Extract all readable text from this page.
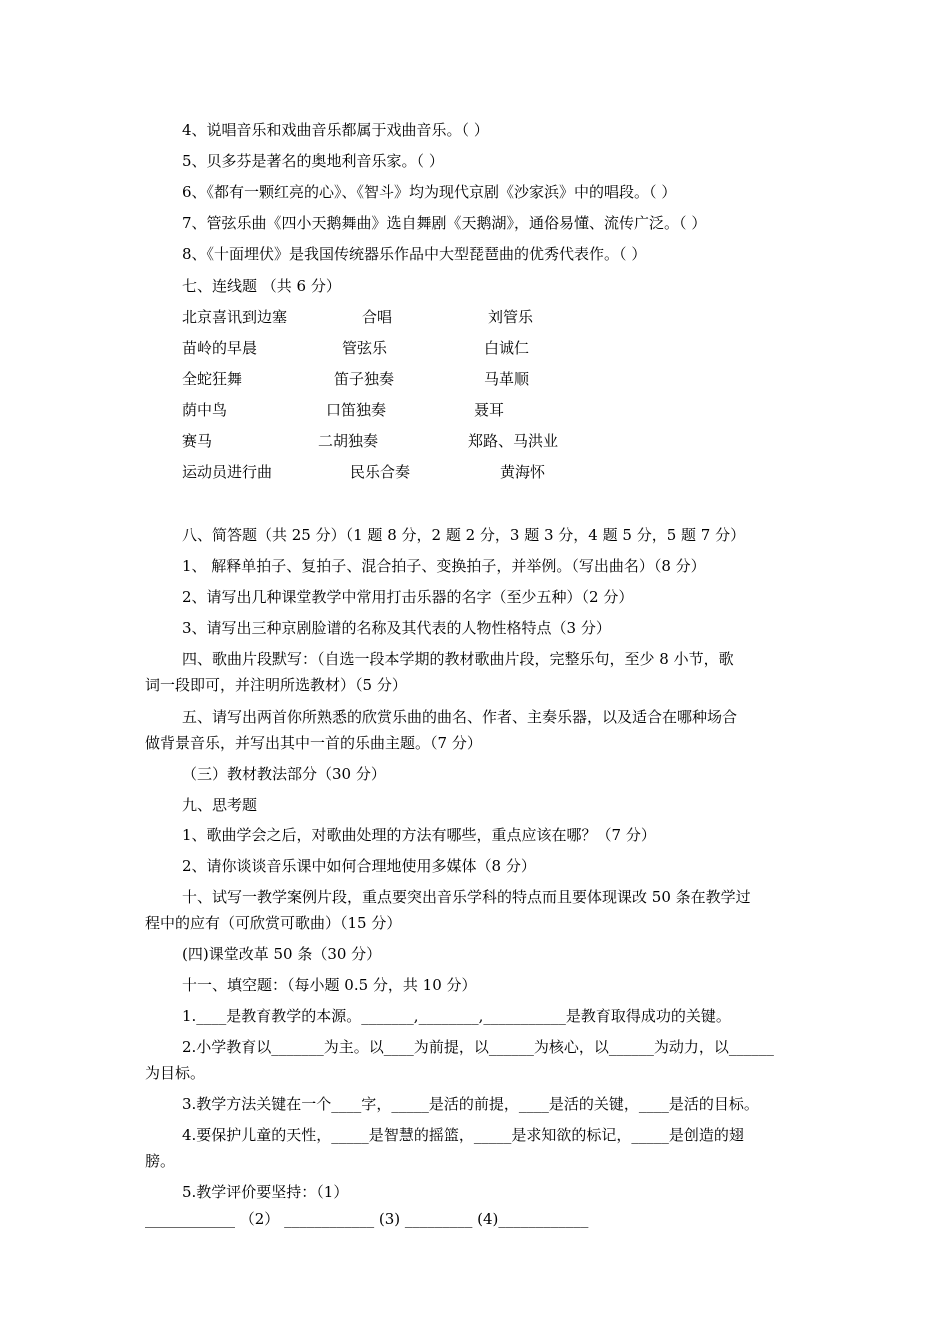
4、说唱音乐和戏曲音乐都属于戏曲音乐。（ ）
5、贝多芬是著名的奥地利音乐家。（ ）
6、《都有一颗红亮的心》、《智斗》均为现代京剧《沙家浜》中的唱段。（ ）
7、管弦乐曲《四小天鹅舞曲》选自舞剧《天鹅湖》，通俗易懂、流传广泛。（ ）
8、《十面埋伏》是我国传统器乐作品中大型琵琶曲的优秀代表作。（ ）
七、连线题 （共 6 分）
北京喜讯到边塞	合唱	刘管乐
苗岭的早晨	管弦乐	白诚仁
全蛇狂舞	笛子独奏	马革顺
荫中鸟	口笛独奏	聂耳
赛马	二胡独奏	郑路、马洪业
运动员进行曲	民乐合奏	黄海怀
八、简答题（共 25 分）（1 题 8 分，2 题 2 分，3 题 3 分，4 题 5 分，5 题 7 分）
1、 解释单拍子、复拍子、混合拍子、变换拍子，并举例。（写出曲名）（8 分）
2、请写出几种课堂教学中常用打击乐器的名字（至少五种）（2 分）
3、请写出三种京剧脸谱的名称及其代表的人物性格特点（3 分）
四、歌曲片段默写：（自选一段本学期的教材歌曲片段，完整乐句，至少 8 小节，歌
词一段即可，并注明所选教材）（5 分）
五、请写出两首你所熟悉的欣赏乐曲的曲名、作者、主奏乐器，以及适合在哪种场合
做背景音乐，并写出其中一首的乐曲主题。（7 分）
（三）教材教法部分（30 分）
九、思考题
1、歌曲学会之后，对歌曲处理的方法有哪些，重点应该在哪？（7 分）
2、请你谈谈音乐课中如何合理地使用多媒体（8 分）
十、试写一教学案例片段，重点要突出音乐学科的特点而且要体现课改 50 条在教学过
程中的应有（可欣赏可歌曲）（15 分）
(四)课堂改革 50 条（30 分）
十一、填空题：（每小题 0.5 分，共 10 分）
1.____是教育教学的本源。_______,________,___________是教育取得成功的关键。
2.小学教育以_______为主。以____为前提，以______为核心，以______为动力，以______
为目标。
3.教学方法关键在一个____字，_____是活的前提，____是活的关键，____是活的目标。
4.要保护儿童的天性，_____是智慧的摇篮，_____是求知欲的标记，_____是创造的翅
膀。
5.教学评价要坚持：（1）
____________ （2） ____________ (3) _________ (4)____________
